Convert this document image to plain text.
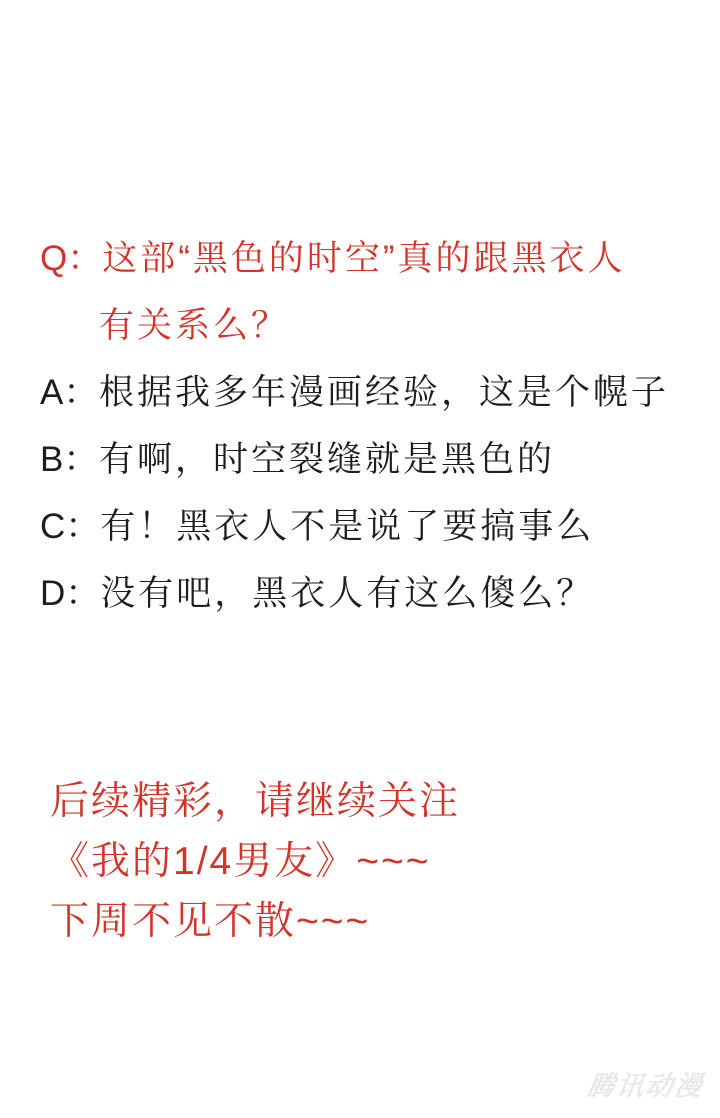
Q： 这部“黑色的时空”真的跟黑衣人
有关系么？
A： 根据我多年漫画经验，这是个幌子
B： 有啊，时空裂缝就是黑色的
C： 有！黑衣人不是说了要搞事么
D： 没有吧，黑衣人有这么傻么？
后续精彩，请继续关注
《我的1/4男友》~~~
下周不见不散~~~
腾讯动漫
